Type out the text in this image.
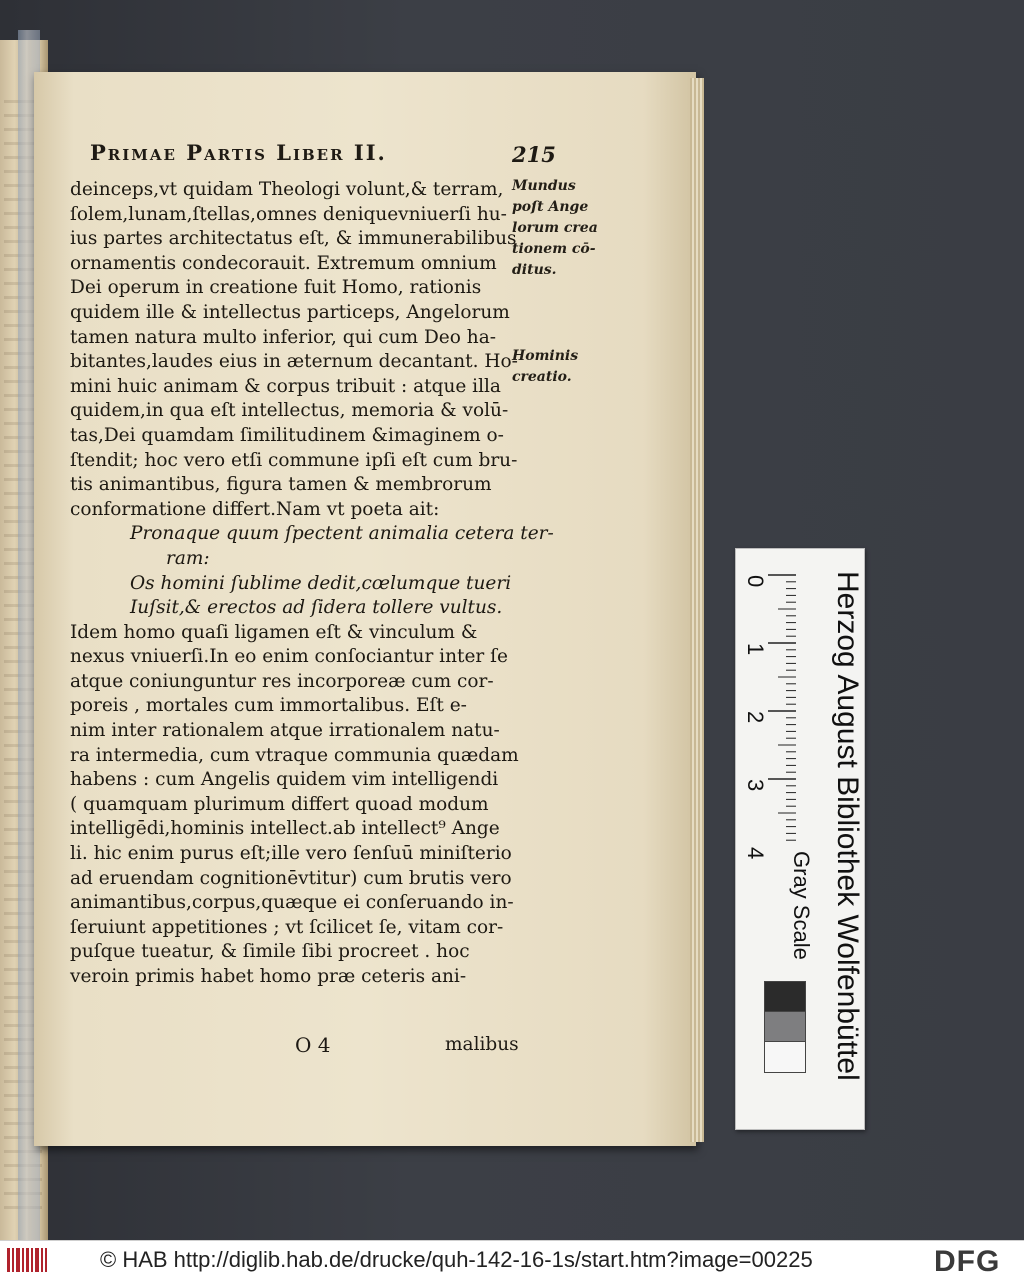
Primae Partis Liber II.	215
deinceps,vt quidam Theologi volunt,& terram,
ſolem,lunam,ſtellas,omnes deniquevniuerſi hu-
ius partes architectatus eſt, & immunerabilibus
ornamentis condecorauit. Extremum omnium
Dei operum in creatione fuit Homo, rationis
quidem ille & intellectus particeps, Angelorum
tamen natura multo inferior, qui cum Deo ha-
bitantes,laudes eius in æternum decantant. Ho-
mini huic animam & corpus tribuit : atque illa
quidem,in qua eſt intellectus, memoria & volū-
tas,Dei quamdam ſimilitudinem &imaginem o-
ſtendit; hoc vero etſi commune ipſi eſt cum bru-
tis animantibus, figura tamen & membrorum
conformatione differt.Nam vt poeta ait:
Pronaque quum ſpectent animalia cetera ter-
ram:
Os homini ſublime dedit,cœlumque tueri
Iuſsit,& erectos ad ſidera tollere vultus.
Idem homo quaſi ligamen eſt & vinculum &
nexus vniuerſi.In eo enim conſociantur inter ſe
atque coniunguntur res incorporeæ cum cor-
poreis , mortales cum immortalibus. Eſt e-
nim inter rationalem atque irrationalem natu-
ra intermedia, cum vtraque communia quædam
habens : cum Angelis quidem vim intelligendi
( quamquam plurimum differt quoad modum
intelligēdi,hominis intellect.ab intellect⁹ Ange
li. hic enim purus eſt;ille vero ſenſuū miniſterio
ad eruendam cognitionēvtitur) cum brutis vero
animantibus,corpus,quæque ei conſeruando in-
ſeruiunt appetitiones ; vt ſcilicet ſe, vitam cor-
puſque tueatur, & ſimile ſibi procreet . hoc
veroin primis habet homo præ ceteris ani-
O 4	malibus
Mundus
poſt Ange
lorum crea
tionem cō-
ditus.
Hominis
creatio.
0
1
2
3
4 Herzog August Bibliothek Wolfenbüttel
Gray Scale
© HAB http://diglib.hab.de/drucke/quh-142-16-1s/start.htm?image=00225	DFG
